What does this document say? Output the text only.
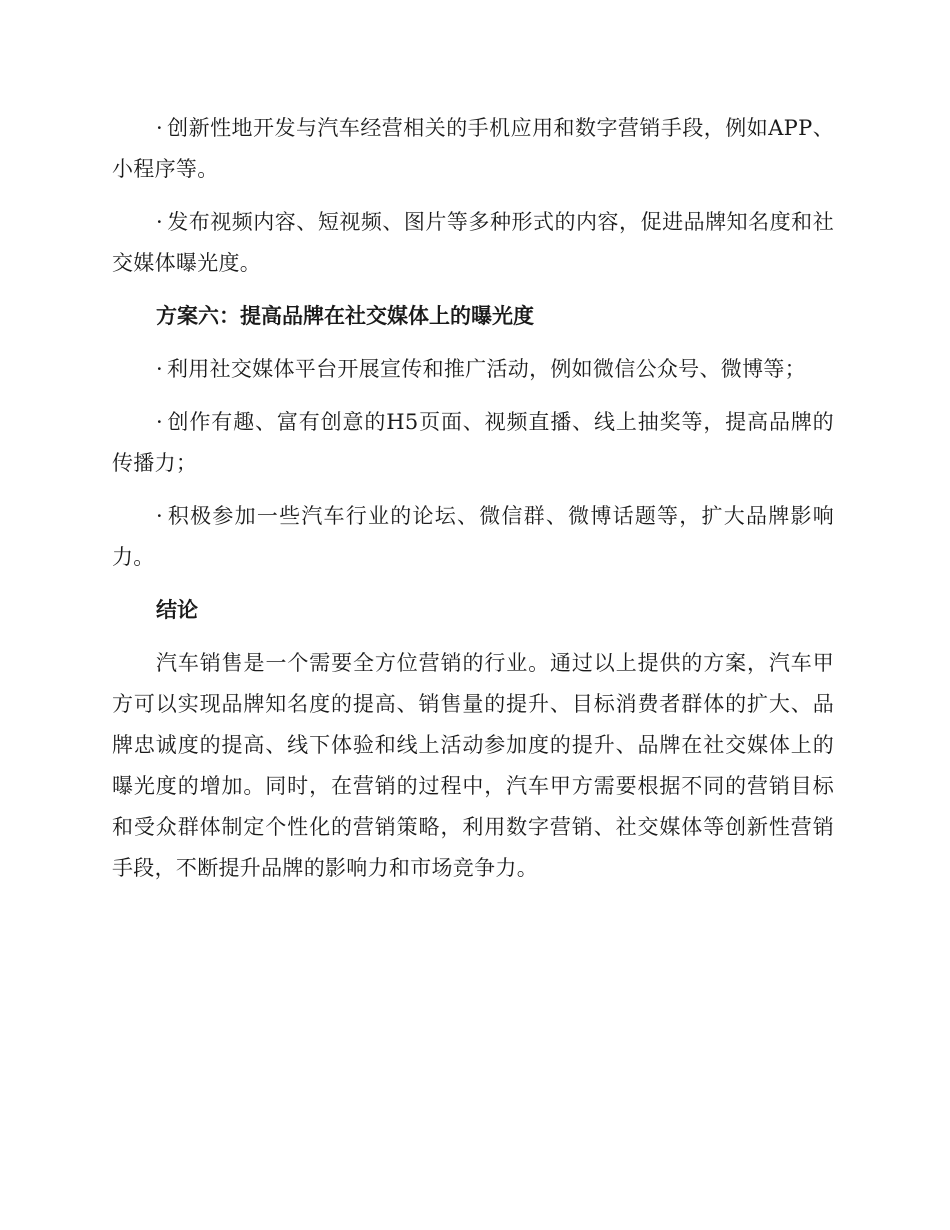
· 创新性地开发与汽车经营相关的手机应用和数字营销手段，例如APP、小程序等。

· 发布视频内容、短视频、图片等多种形式的内容，促进品牌知名度和社交媒体曝光度。

方案六：提高品牌在社交媒体上的曝光度

· 利用社交媒体平台开展宣传和推广活动，例如微信公众号、微博等；

· 创作有趣、富有创意的H5页面、视频直播、线上抽奖等，提高品牌的传播力；

· 积极参加一些汽车行业的论坛、微信群、微博话题等，扩大品牌影响力。

结论

汽车销售是一个需要全方位营销的行业。通过以上提供的方案，汽车甲方可以实现品牌知名度的提高、销售量的提升、目标消费者群体的扩大、品牌忠诚度的提高、线下体验和线上活动参加度的提升、品牌在社交媒体上的曝光度的增加。同时，在营销的过程中，汽车甲方需要根据不同的营销目标和受众群体制定个性化的营销策略，利用数字营销、社交媒体等创新性营销手段，不断提升品牌的影响力和市场竞争力。
